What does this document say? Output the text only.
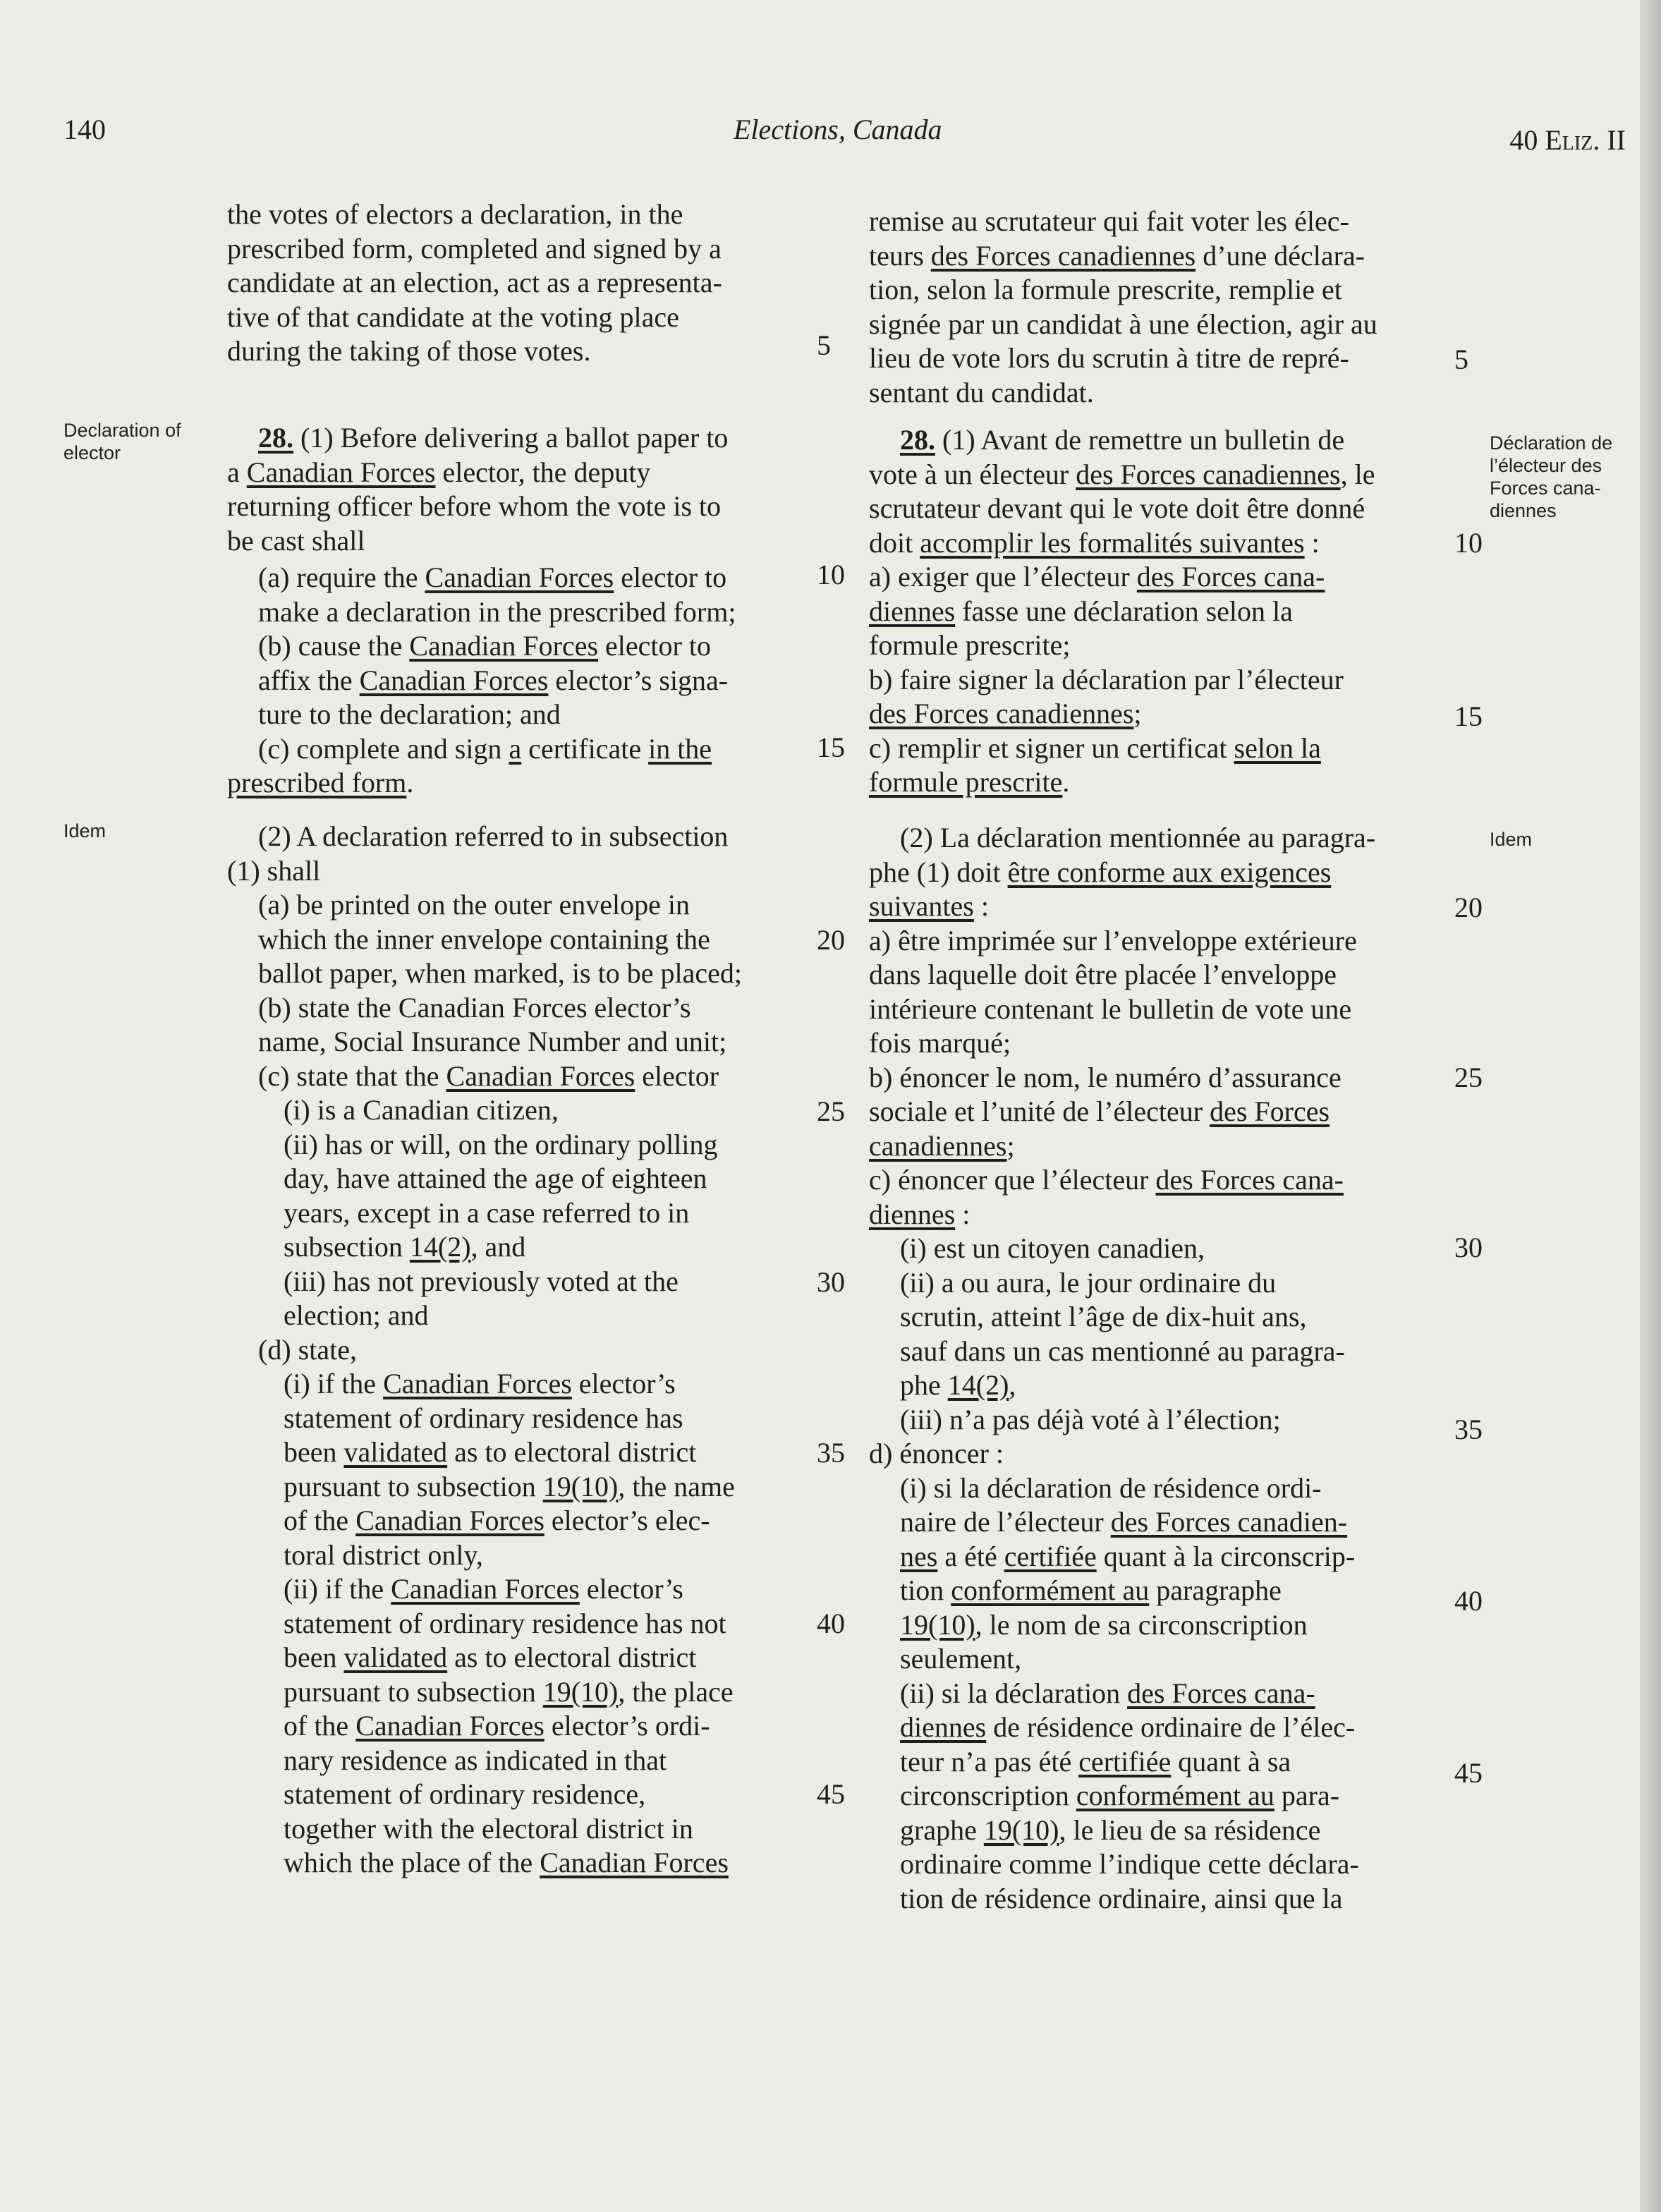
140	Elections, Canada	40 Eliz. II
Declaration of elector
Idem
Déclaration de l’électeur des Forces cana- diennes
Idem

the votes of electors a declaration, in the

prescribed form, completed and signed by a

candidate at an election, act as a representa-

tive of that candidate at the voting place

during the taking of those votes.

28. (1) Before delivering a ballot paper to

a Canadian Forces elector, the deputy

returning officer before whom the vote is to

be cast shall

(a) require the Canadian Forces elector to

make a declaration in the prescribed form;

(b) cause the Canadian Forces elector to

affix the Canadian Forces elector’s signa-

ture to the declaration; and

(c) complete and sign a certificate in the

prescribed form.

(2) A declaration referred to in subsection

(1) shall

(a) be printed on the outer envelope in

which the inner envelope containing the

ballot paper, when marked, is to be placed;

(b) state the Canadian Forces elector’s

name, Social Insurance Number and unit;

(c) state that the Canadian Forces elector

(i) is a Canadian citizen,

(ii) has or will, on the ordinary polling

day, have attained the age of eighteen

years, except in a case referred to in

subsection 14(2), and

(iii) has not previously voted at the

election; and

(d) state,

(i) if the Canadian Forces elector’s

statement of ordinary residence has

been validated as to electoral district

pursuant to subsection 19(10), the name

of the Canadian Forces elector’s elec-

toral district only,

(ii) if the Canadian Forces elector’s

statement of ordinary residence has not

been validated as to electoral district

pursuant to subsection 19(10), the place

of the Canadian Forces elector’s ordi-

nary residence as indicated in that

statement of ordinary residence,

together with the electoral district in

which the place of the Canadian Forces

5
10
15
20
25
30
35
40
45

remise au scrutateur qui fait voter les élec-

teurs des Forces canadiennes d’une déclara-

tion, selon la formule prescrite, remplie et

signée par un candidat à une élection, agir au

lieu de vote lors du scrutin à titre de repré-

sentant du candidat.

28. (1) Avant de remettre un bulletin de

vote à un électeur des Forces canadiennes, le

scrutateur devant qui le vote doit être donné

doit accomplir les formalités suivantes :

a) exiger que l’électeur des Forces cana-

diennes fasse une déclaration selon la

formule prescrite;

b) faire signer la déclaration par l’électeur

des Forces canadiennes;

c) remplir et signer un certificat selon la

formule prescrite.

(2) La déclaration mentionnée au paragra-

phe (1) doit être conforme aux exigences

suivantes :

a) être imprimée sur l’enveloppe extérieure

dans laquelle doit être placée l’enveloppe

intérieure contenant le bulletin de vote une

fois marqué;

b) énoncer le nom, le numéro d’assurance

sociale et l’unité de l’électeur des Forces

canadiennes;

c) énoncer que l’électeur des Forces cana-

diennes :

(i) est un citoyen canadien,

(ii) a ou aura, le jour ordinaire du

scrutin, atteint l’âge de dix-huit ans,

sauf dans un cas mentionné au paragra-

phe 14(2),

(iii) n’a pas déjà voté à l’élection;

d) énoncer :

(i) si la déclaration de résidence ordi-

naire de l’électeur des Forces canadien-

nes a été certifiée quant à la circonscrip-

tion conformément au paragraphe

19(10), le nom de sa circonscription

seulement,

(ii) si la déclaration des Forces cana-

diennes de résidence ordinaire de l’élec-

teur n’a pas été certifiée quant à sa

circonscription conformément au para-

graphe 19(10), le lieu de sa résidence

ordinaire comme l’indique cette déclara-

tion de résidence ordinaire, ainsi que la

5
10
15
20
25
30
35
40
45
